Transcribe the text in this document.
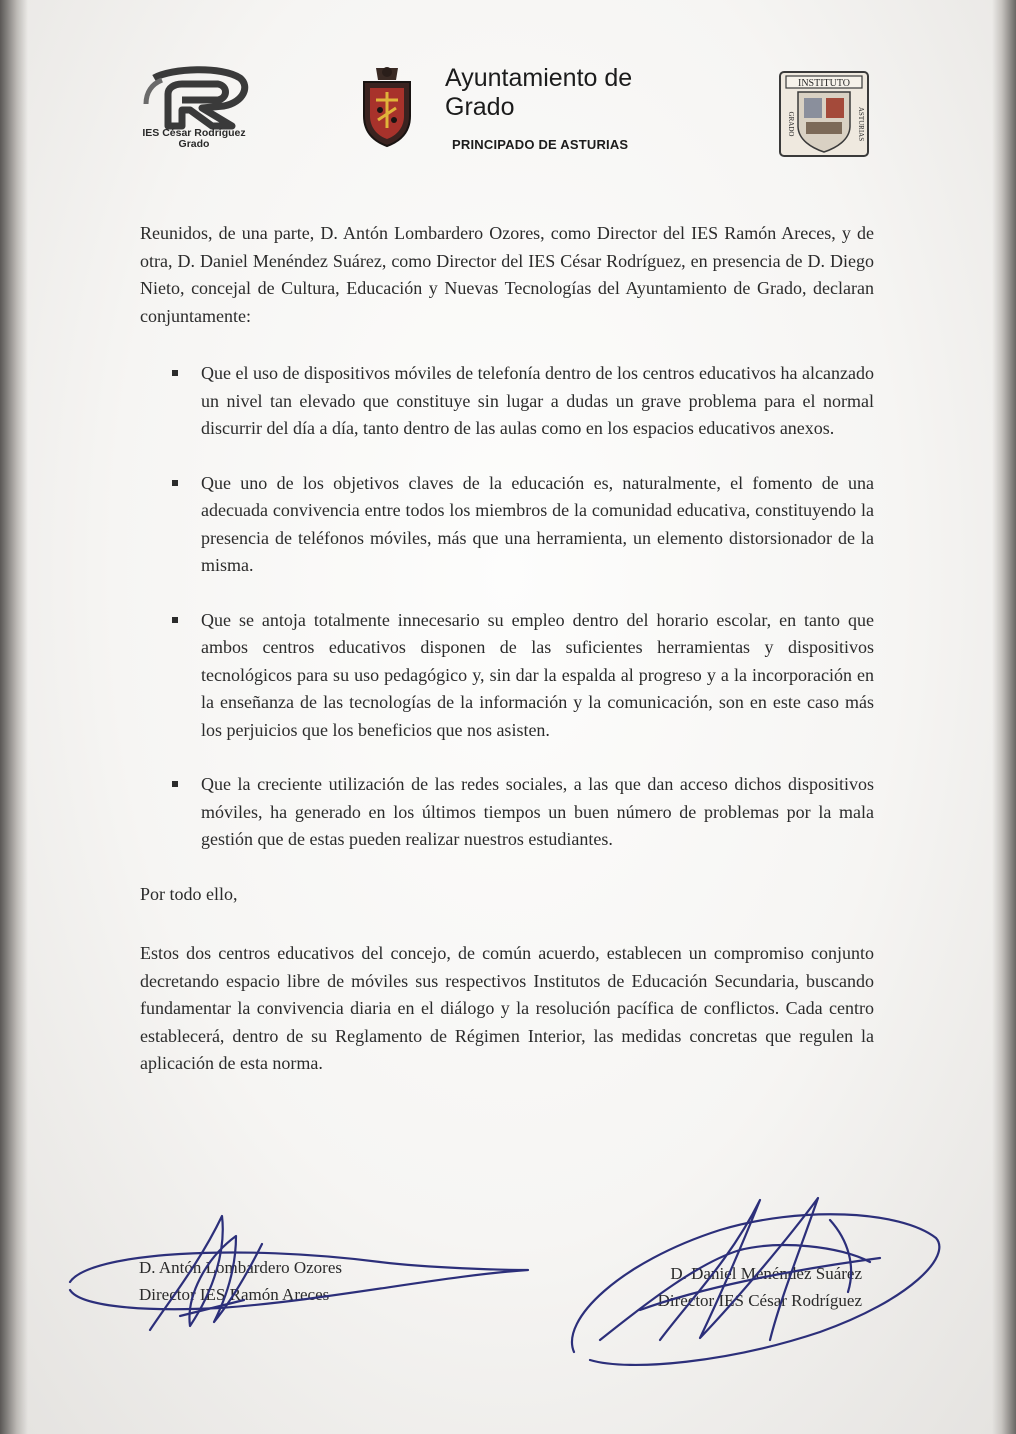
IES César Rodríguez
Grado
Ayuntamiento de
Grado
PRINCIPADO DE ASTURIAS
INSTITUTO
GRADO	ASTURIAS

Reunidos, de una parte, D. Antón Lombardero Ozores, como Director del IES Ramón Areces, y de otra, D. Daniel Menéndez Suárez, como Director del IES César Rodríguez, en presencia de D. Diego Nieto, concejal de Cultura, Educación y Nuevas Tecnologías del Ayuntamiento de Grado, declaran conjuntamente:

Que el uso de dispositivos móviles de telefonía dentro de los centros educativos ha alcanzado un nivel tan elevado que constituye sin lugar a dudas un grave problema para el normal discurrir del día a día, tanto dentro de las aulas como en los espacios educativos anexos.
Que uno de los objetivos claves de la educación es, naturalmente, el fomento de una adecuada convivencia entre todos los miembros de la comunidad educativa, constituyendo la presencia de teléfonos móviles, más que una herramienta, un elemento distorsionador de la misma.
Que se antoja totalmente innecesario su empleo dentro del horario escolar, en tanto que ambos centros educativos disponen de las suficientes herramientas y dispositivos tecnológicos para su uso pedagógico y, sin dar la espalda al progreso y a la incorporación en la enseñanza de las tecnologías de la información y la comunicación, son en este caso más los perjuicios que los beneficios que nos asisten.
Que la creciente utilización de las redes sociales, a las que dan acceso dichos dispositivos móviles, ha generado en los últimos tiempos un buen número de problemas por la mala gestión que de estas pueden realizar nuestros estudiantes.

Por todo ello,

Estos dos centros educativos del concejo, de común acuerdo, establecen un compromiso conjunto decretando espacio libre de móviles sus respectivos Institutos de Educación Secundaria, buscando fundamentar la convivencia diaria en el diálogo y la resolución pacífica de conflictos. Cada centro establecerá, dentro de su Reglamento de Régimen Interior, las medidas concretas que regulen la aplicación de esta norma.

D. Antón Lombardero Ozores
Director IES Ramón Areces
D. Daniel Menéndez Suárez
Director IES César Rodríguez
